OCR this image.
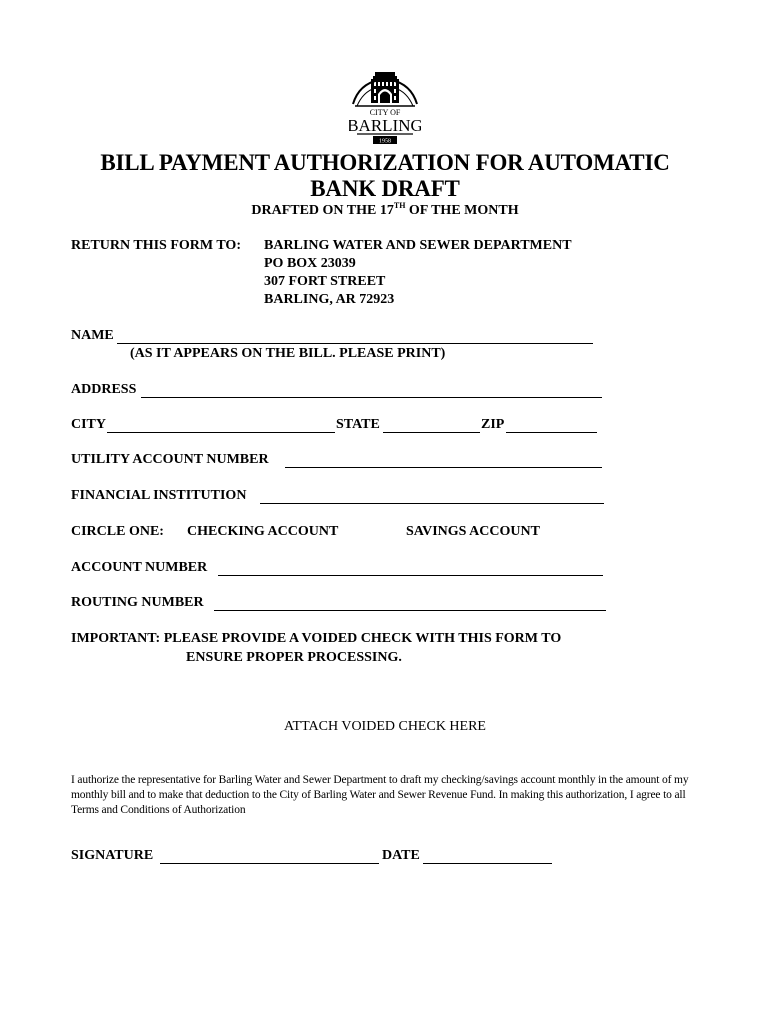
CITY OF
BARLING
1958
BILL PAYMENT AUTHORIZATION FOR AUTOMATIC
BANK DRAFT
DRAFTED ON THE 17TH OF THE MONTH
RETURN THIS FORM TO: BARLING WATER AND SEWER DEPARTMENT
PO BOX 23039
307 FORT STREET
BARLING, AR 72923
NAME
(AS IT APPEARS ON THE BILL. PLEASE PRINT)
ADDRESS
CITY	STATE	ZIP
UTILITY ACCOUNT NUMBER
FINANCIAL INSTITUTION
CIRCLE ONE: CHECKING ACCOUNT	SAVINGS ACCOUNT
ACCOUNT NUMBER
ROUTING NUMBER
IMPORTANT: PLEASE PROVIDE A VOIDED CHECK WITH THIS FORM TO
ENSURE PROPER PROCESSING.
ATTACH VOIDED CHECK HERE
I authorize the representative for Barling Water and Sewer Department to draft my checking/savings account monthly in the amount of my monthly bill and to make that deduction to the City of Barling Water and Sewer Revenue Fund. In making this authorization, I agree to all Terms and Conditions of Authorization
SIGNATURE	DATE
